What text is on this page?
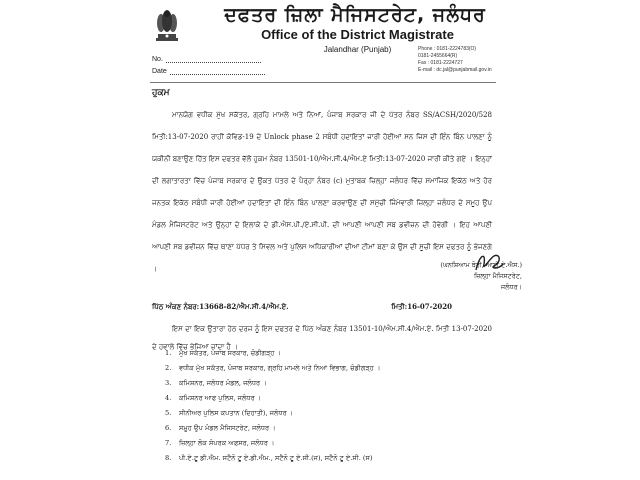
ਦਫਤਰ ਜ਼ਿਲਾ ਮੈਜਿਸਟਰੇਟ, ਜਲੰਧਰ
Office of the District Magistrate
Jalandhar (Punjab)	Phone : 0181-2224783(O)
0181-2455664(R)
Fax : 0181-2224727
E-mail : dc.jal@punjabmail.gov.in
No.
Date
ਹੁਕਮ

ਮਾਨਯੋਗ ਵਧੀਕ ਮੁੱਖ ਸਕੱਤਰ, ਗ੍ਰਹਿ ਮਾਮਲੇ ਅਤੇ ਨਿਆਂ, ਪੰਜਾਬ ਸਰਕਾਰ ਜੀ ਦੇ ਪੱਤਰ ਨੰਬਰ SS/ACSH/2020/528 ਮਿਤੀ:13-07-2020 ਰਾਹੀਂ ਕੋਵਿਡ-19 ਦੇ Unlock phase 2 ਸਬੰਧੀ ਹਦਾਇਤਾਂ ਜਾਰੀ ਹੋਈਆਂ ਸਨ ਜਿਸ ਦੀ ਇੰਨ ਬਿੰਨ ਪਾਲਣਾ ਨੂੰ ਯਕੀਨੀ ਬਣਾਉਣ ਹਿੱਤ ਇਸ ਦਫਤਰ ਵੱਲੋਂ ਹੁਕਮ ਨੰਬਰ 13501-10/ਐਮ.ਸੀ.4/ਐਮ.ਏ ਮਿਤੀ:13-07-2020 ਜਾਰੀ ਕੀਤੇ ਗਏ । ਇਨ੍ਹਾਂ ਦੀ ਲਗਾਤਾਰਤਾ ਵਿੱਚ ਪੰਜਾਬ ਸਰਕਾਰ ਦੇ ਉਕਤ ਪੱਤਰ ਦੇ ਪੈਰ੍ਹਾ ਨੰਬਰ (c) ਮੁਤਾਬਕ ਜ਼ਿਲ੍ਹਾ ਜਲੰਧਰ ਵਿੱਚ ਸਮਾਜਿਕ ਇਕੱਠ ਅਤੇ ਹੋਰ ਜਨਤਕ ਇਕੱਠ ਸਬੰਧੀ ਜਾਰੀ ਹੋਈਆਂ ਹਦਾਇਤਾਂ ਦੀ ਇੰਨ ਬਿੰਨ ਪਾਲਣਾ ਕਰਵਾਉਣ ਦੀ ਸਮੁੱਚੀ ਜਿੰਮੇਵਾਰੀ ਜ਼ਿਲ੍ਹਾ ਜਲੰਧਰ ਦੇ ਸਮੂਹ ਉਪ ਮੰਡਲ ਮੈਜਿਸਟਰੇਟ ਅਤੇ ਉਨ੍ਹਾਂ ਦੇ ਇਲਾਕੇ ਦੇ ਡੀ.ਐਸ.ਪੀ./ਏ.ਸੀ.ਪੀ. ਦੀ ਆਪਣੀ ਆਪਣੀ ਸਬ ਡਵੀਜ਼ਨ ਦੀ ਹੋਵੇਗੀ । ਇਹ ਆਪਣੀ ਆਪਣੀ ਸਬ ਡਵੀਜ਼ਨ ਵਿੱਚ ਥਾਣਾ ਪੱਧਰ ਤੇ ਸਿਵਲ ਅਤੇ ਪੁਲਿਸ ਅਧਿਕਾਰੀਆਂ ਦੀਆਂ ਟੀਮਾਂ ਬਣਾ ਕੇ ਉਸ ਦੀ ਸੂਚੀ ਇਸ ਦਫਤਰ ਨੂੰ ਭੇਜਣਗੇ ।	(ਘਨਸ਼ਿਆਮ ਥੋਰੀ, ਆਈ.ਏ.ਐਸ.)
ਜ਼ਿਲ੍ਹਾ ਮੈਜਿਸਟਰੇਟ,
ਜਲੰਧਰ।
ਪਿੱਠ ਅੰਕਣ ਨੰਬਰ:13668-82/ਐਮ.ਸੀ.4/ਐਮ.ਏ.	ਮਿਤੀ:16-07-2020

ਇਸ ਦਾ ਇਕ ਉਤਾਰਾ ਹੇਠ ਦਰਜ ਨੂੰ ਇਸ ਦਫਤਰ ਦੇ ਪਿੱਠ ਅੰਕਣ ਨੰਬਰ 13501-10/ਐਮ.ਸੀ.4/ਐਮ.ਏ. ਮਿਤੀ 13-07-2020 ਦੇ ਹਵਾਲੇ ਵਿੱਚ ਭੇਜਿਆ ਜਾਂਦਾ ਹੈ ।

1. ਮੁੱਖ ਸਕੱਤਰ, ਪੰਜਾਬ ਸਰਕਾਰ, ਚੰਡੀਗੜ੍ਹ ।
2. ਵਧੀਕ ਮੁੱਖ ਸਕੱਤਰ, ਪੰਜਾਬ ਸਰਕਾਰ, ਗ੍ਰਹਿ ਮਾਮਲੇ ਅਤੇ ਨਿਆਂ ਵਿਭਾਗ, ਚੰਡੀਗੜ੍ਹ ।
3. ਕਮਿਸ਼ਨਰ, ਜਲੰਧਰ ਮੰਡਲ, ਜਲੰਧਰ ।
4. ਕਮਿਸ਼ਨਰ ਆਫ ਪੁਲਿਸ, ਜਲੰਧਰ ।
5. ਸੀਨੀਅਰ ਪੁਲਿਸ ਕਪਤਾਨ (ਦਿਹਾਤੀ), ਜਲੰਧਰ ।
6. ਸਮੂਹ ਉਪ ਮੰਡਲ ਮੈਜਿਸਟਰੇਟ, ਜਲੰਧਰ ।
7. ਜ਼ਿਲ੍ਹਾ ਲੋਕ ਸੰਪਰਕ ਅਫਸਰ, ਜਲੰਧਰ ।
8. ਪੀ.ਏ.ਟੂ ਡੀ.ਐਮ. ਸਟੈਨੋ ਟੂ ਏ.ਡੀ.ਐਮ., ਸਟੈਨੋ ਟੂ ਏ.ਸੀ.(ਜ), ਸਟੈਨੋ ਟੂ ਏ.ਸੀ. (ਸ)
